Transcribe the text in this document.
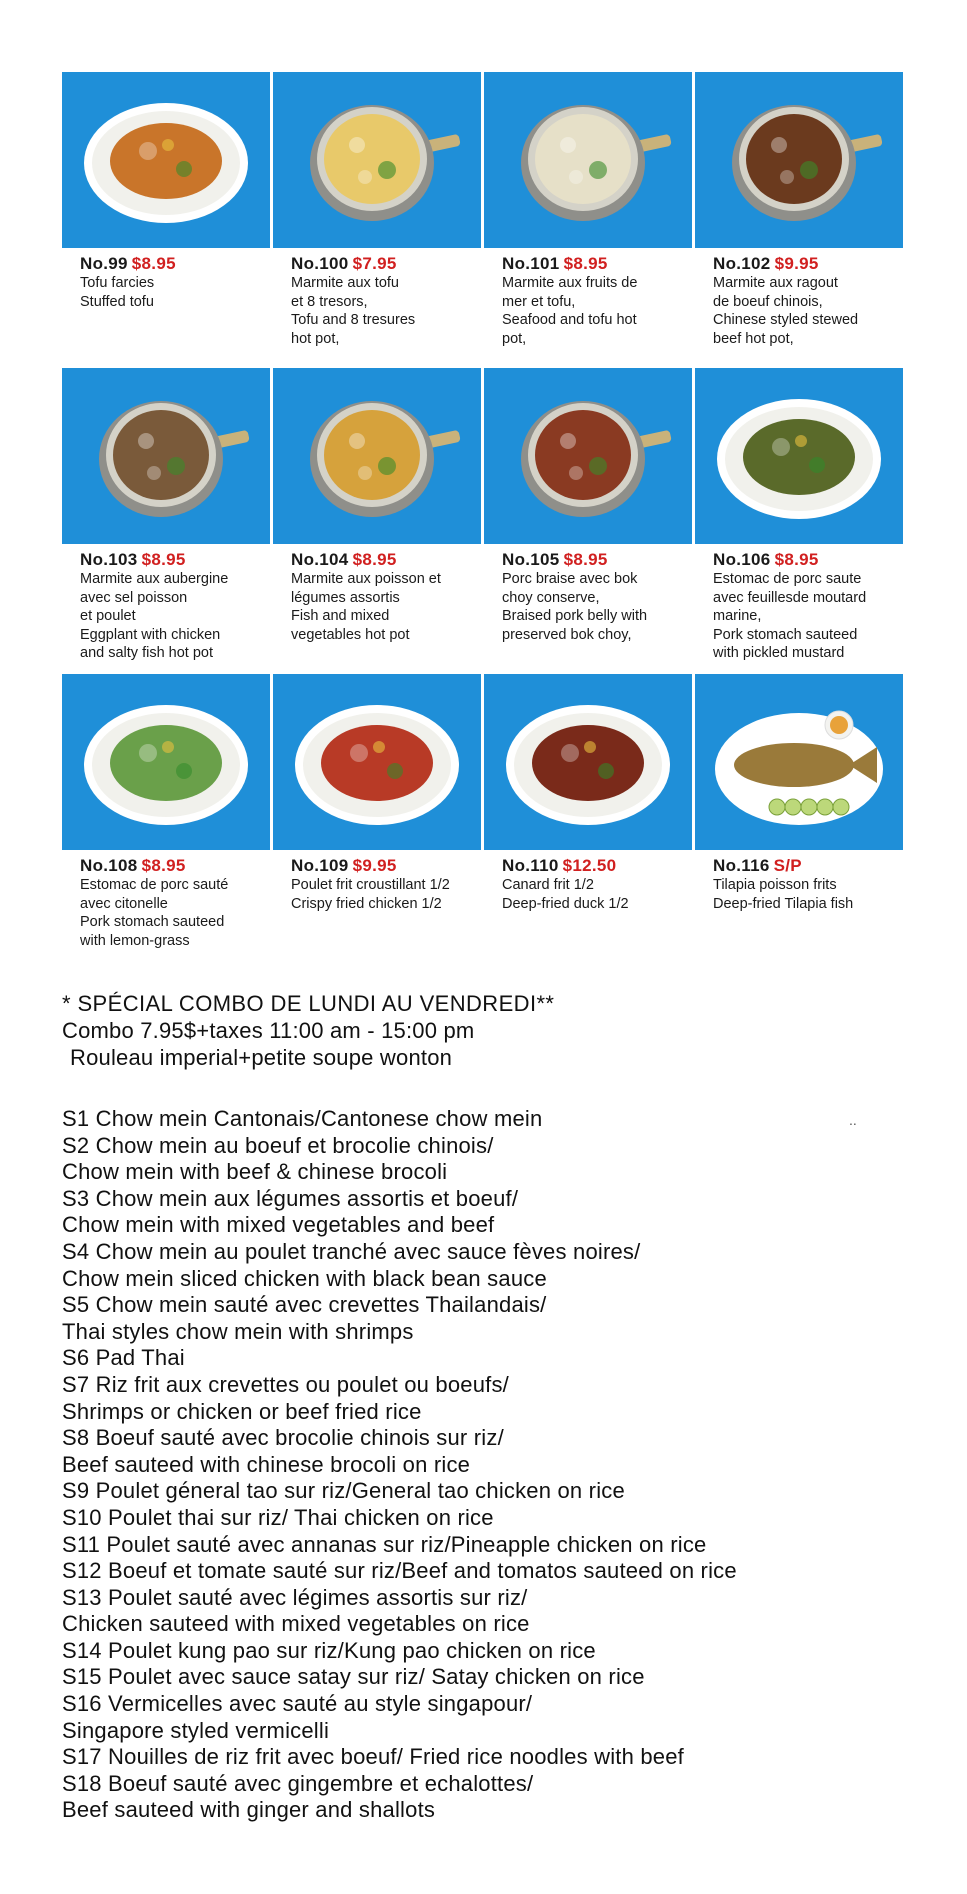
No.99 $8.95
Tofu farcies
Stuffed tofu
No.100 $7.95
Marmite aux tofu
et 8 tresors,
Tofu and 8 tresures
hot pot,
No.101 $8.95
Marmite aux fruits de
mer et tofu,
Seafood and tofu hot
pot,
No.102 $9.95
Marmite aux ragout
de boeuf chinois,
Chinese styled stewed
beef hot pot,
No.103 $8.95
Marmite aux aubergine
avec sel poisson
et poulet
Eggplant with chicken
and salty fish hot pot
No.104 $8.95
Marmite aux poisson et
légumes assortis
Fish and mixed
vegetables hot pot
No.105 $8.95
Porc braise avec bok
choy conserve,
Braised pork belly with
preserved bok choy,
No.106 $8.95
Estomac de porc saute
avec feuillesde moutard
marine,
Pork stomach sauteed
with pickled mustard
No.108 $8.95
Estomac de porc sauté
avec citonelle
Pork stomach sauteed
with lemon-grass
No.109 $9.95
Poulet frit croustillant 1/2
Crispy fried chicken 1/2
No.110 $12.50
Canard frit 1/2
Deep-fried duck 1/2
No.116 S/P
Tilapia poisson frits
Deep-fried Tilapia fish
* SPÉCIAL COMBO DE LUNDI AU VENDREDI**
Combo 7.95$+taxes 11:00 am - 15:00 pm
Rouleau imperial+petite soupe wonton
..
S1 Chow mein Cantonais/Cantonese chow mein
S2 Chow mein au boeuf et brocolie chinois/
Chow mein with beef & chinese brocoli
S3 Chow mein aux légumes assortis et boeuf/
Chow mein with mixed vegetables and beef
S4 Chow mein au poulet tranché avec sauce fèves noires/
Chow mein sliced chicken with black bean sauce
S5 Chow mein sauté avec crevettes Thailandais/
Thai styles chow mein with shrimps
S6 Pad Thai
S7 Riz frit aux crevettes ou poulet ou boeufs/
Shrimps or chicken or beef fried rice
S8 Boeuf sauté avec brocolie chinois sur riz/
Beef sauteed with chinese brocoli on rice
S9 Poulet géneral tao sur riz/General tao chicken on rice
S10 Poulet thai sur riz/ Thai chicken on rice
S11 Poulet sauté avec annanas sur riz/Pineapple chicken on rice
S12 Boeuf et tomate sauté sur riz/Beef and tomatos sauteed on rice
S13 Poulet sauté avec légimes assortis sur riz/
Chicken sauteed with mixed vegetables on rice
S14 Poulet kung pao sur riz/Kung pao chicken on rice
S15 Poulet avec sauce satay sur riz/ Satay chicken on rice
S16 Vermicelles avec sauté au style singapour/
Singapore styled vermicelli
S17 Nouilles de riz frit avec boeuf/ Fried rice noodles with beef
S18 Boeuf sauté avec gingembre et echalottes/
Beef sauteed with ginger and shallots
